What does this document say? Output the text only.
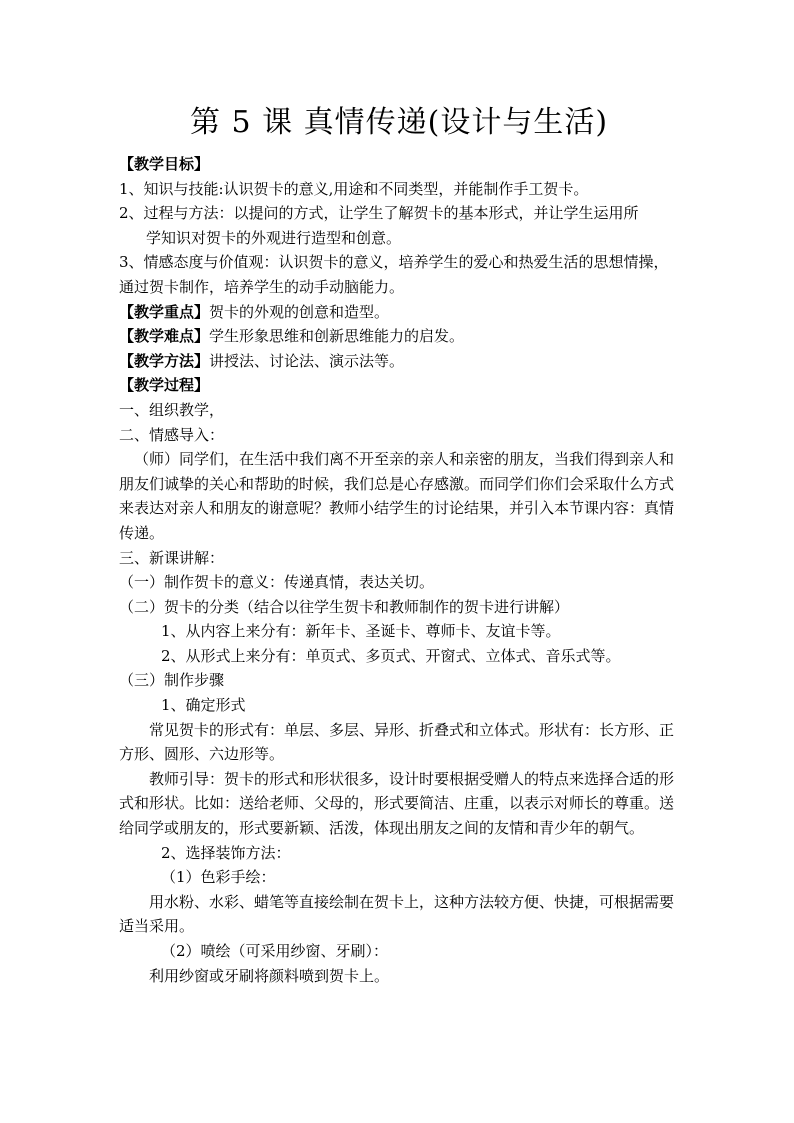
第 5 课 真情传递(设计与生活)

【教学目标】

1、知识与技能:认识贺卡的意义,用途和不同类型，并能制作手工贺卡。

2、过程与方法：以提问的方式，让学生了解贺卡的基本形式，并让学生运用所

学知识对贺卡的外观进行造型和创意。

3、情感态度与价值观：认识贺卡的意义，培养学生的爱心和热爱生活的思想情操，通过贺卡制作，培养学生的动手动脑能力。

【教学重点】贺卡的外观的创意和造型。

【教学难点】学生形象思维和创新思维能力的启发。

【教学方法】讲授法、讨论法、演示法等。

【教学过程】

一、组织教学，

二、情感导入：

（师）同学们，在生活中我们离不开至亲的亲人和亲密的朋友，当我们得到亲人和朋友们诚挚的关心和帮助的时候，我们总是心存感激。而同学们你们会采取什么方式来表达对亲人和朋友的谢意呢？教师小结学生的讨论结果，并引入本节课内容：真情传递。

三、新课讲解：

（一）制作贺卡的意义：传递真情，表达关切。

（二）贺卡的分类（结合以往学生贺卡和教师制作的贺卡进行讲解）

1、从内容上来分有：新年卡、圣诞卡、尊师卡、友谊卡等。

2、从形式上来分有：单页式、多页式、开窗式、立体式、音乐式等。

（三）制作步骤

1、确定形式

常见贺卡的形式有：单层、多层、异形、折叠式和立体式。形状有：长方形、正方形、圆形、六边形等。

教师引导：贺卡的形式和形状很多，设计时要根据受赠人的特点来选择合适的形式和形状。比如：送给老师、父母的，形式要简洁、庄重，以表示对师长的尊重。送给同学或朋友的，形式要新颖、活泼，体现出朋友之间的友情和青少年的朝气。

2、选择装饰方法：

（1）色彩手绘：

用水粉、水彩、蜡笔等直接绘制在贺卡上，这种方法较方便、快捷，可根据需要适当采用。

（2）喷绘（可采用纱窗、牙刷）：

利用纱窗或牙刷将颜料喷到贺卡上。
